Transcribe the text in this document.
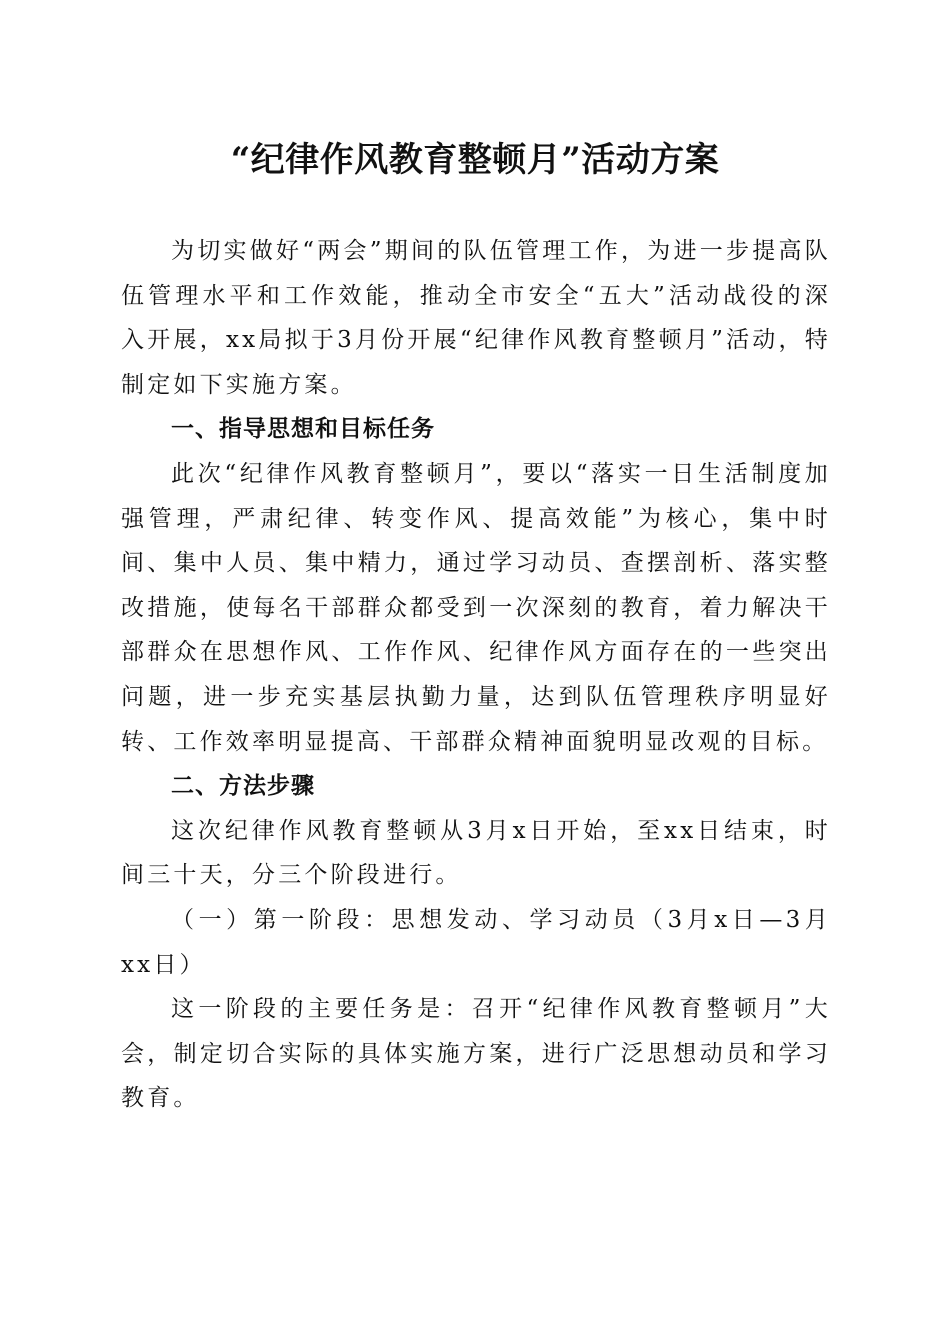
“纪律作风教育整顿月”活动方案

为切实做好“两会”期间的队伍管理工作，为进一步提高队伍管理水平和工作效能，推动全市安全“五大”活动战役的深入开展，xx局拟于3月份开展“纪律作风教育整顿月”活动，特制定如下实施方案。

一、指导思想和目标任务

此次“纪律作风教育整顿月”，要以“落实一日生活制度加强管理，严肃纪律、转变作风、提高效能”为核心，集中时间、集中人员、集中精力，通过学习动员、查摆剖析、落实整改措施，使每名干部群众都受到一次深刻的教育，着力解决干部群众在思想作风、工作作风、纪律作风方面存在的一些突出问题，进一步充实基层执勤力量，达到队伍管理秩序明显好转、工作效率明显提高、干部群众精神面貌明显改观的目标。

二、方法步骤

这次纪律作风教育整顿从3月x日开始，至xx日结束，时间三十天，分三个阶段进行。

（一）第一阶段：思想发动、学习动员（3月x日—3月xx日）

这一阶段的主要任务是：召开“纪律作风教育整顿月”大会，制定切合实际的具体实施方案，进行广泛思想动员和学习教育。
